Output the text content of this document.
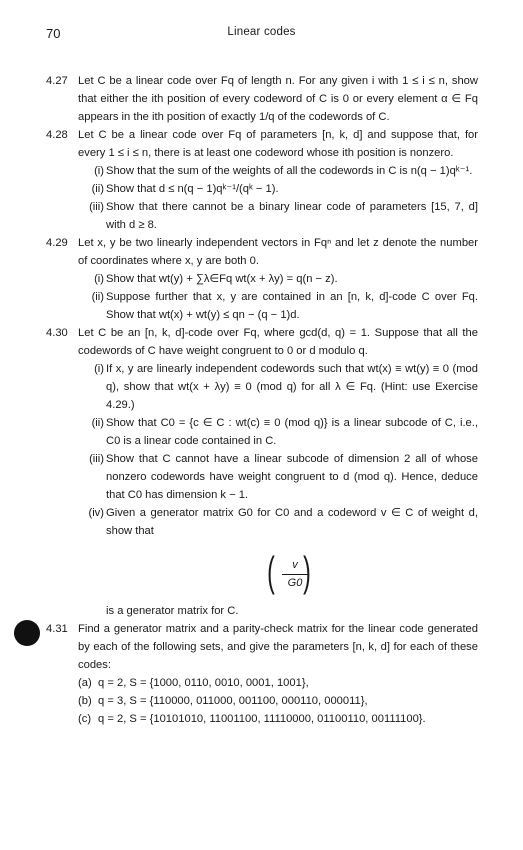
70	Linear codes
4.27 Let C be a linear code over Fq of length n. For any given i with 1 ≤ i ≤ n, show that either the ith position of every codeword of C is 0 or every element α ∈ Fq appears in the ith position of exactly 1/q of the codewords of C.
4.28 Let C be a linear code over Fq of parameters [n, k, d] and suppose that, for every 1 ≤ i ≤ n, there is at least one codeword whose ith position is nonzero.
(i) Show that the sum of the weights of all the codewords in C is n(q − 1)qᵏ⁻¹.
(ii) Show that d ≤ n(q − 1)qᵏ⁻¹/(qᵏ − 1).
(iii) Show that there cannot be a binary linear code of parameters [15, 7, d] with d ≥ 8.
4.29 Let x, y be two linearly independent vectors in Fqⁿ and let z denote the number of coordinates where x, y are both 0.
(i) Show that wt(y) + ∑λ∈Fq wt(x + λy) = q(n − z).
(ii) Suppose further that x, y are contained in an [n, k, d]-code C over Fq. Show that wt(x) + wt(y) ≤ qn − (q − 1)d.
4.30 Let C be an [n, k, d]-code over Fq, where gcd(d, q) = 1. Suppose that all the codewords of C have weight congruent to 0 or d modulo q.
(i) If x, y are linearly independent codewords such that wt(x) ≡ wt(y) ≡ 0 (mod q), show that wt(x + λy) ≡ 0 (mod q) for all λ ∈ Fq. (Hint: use Exercise 4.29.)
(ii) Show that C0 = {c ∈ C : wt(c) ≡ 0 (mod q)} is a linear subcode of C, i.e., C0 is a linear code contained in C.
(iii) Show that C cannot have a linear subcode of dimension 2 all of whose nonzero codewords have weight congruent to d (mod q). Hence, deduce that C0 has dimension k − 1.
(iv) Given a generator matrix G0 for C0 and a codeword v ∈ C of weight d, show that
(	v
G0 )
is a generator matrix for C.
4.31 Find a generator matrix and a parity-check matrix for the linear code generated by each of the following sets, and give the parameters [n, k, d] for each of these codes:
(a) q = 2, S = {1000, 0110, 0010, 0001, 1001},
(b) q = 3, S = {110000, 011000, 001100, 000110, 000011},
(c) q = 2, S = {10101010, 11001100, 11110000, 01100110, 00111100}.
